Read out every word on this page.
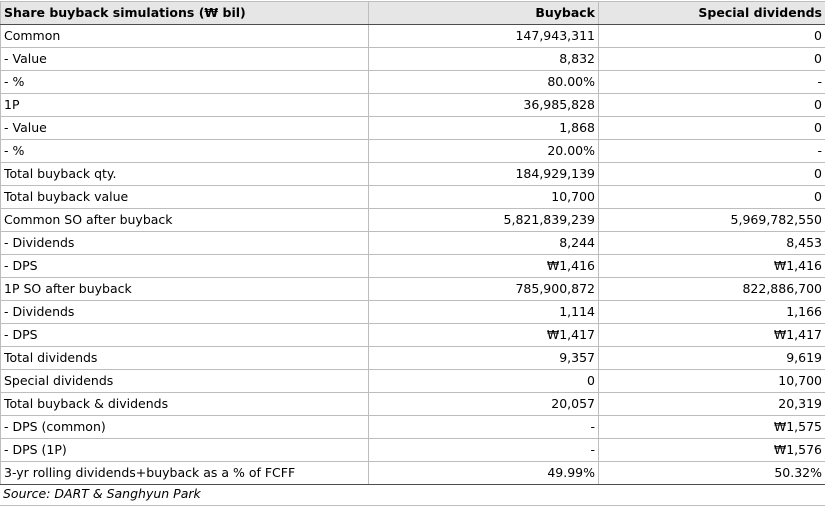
Share buyback simulations (₩ bil)	Buyback	Special dividends
Common	147,943,311	0
- Value	8,832	0
- %	80.00%	-
1P	36,985,828	0
- Value	1,868	0
- %	20.00%	-
Total buyback qty.	184,929,139	0
Total buyback value	10,700	0
Common SO after buyback	5,821,839,239	5,969,782,550
- Dividends	8,244	8,453
- DPS	₩1,416	₩1,416
1P SO after buyback	785,900,872	822,886,700
- Dividends	1,114	1,166
- DPS	₩1,417	₩1,417
Total dividends	9,357	9,619
Special dividends	0	10,700
Total buyback & dividends	20,057	20,319
- DPS (common)	-	₩1,575
- DPS (1P)	-	₩1,576
3-yr rolling dividends+buyback as a % of FCFF	49.99%	50.32%
Source: DART & Sanghyun Park
